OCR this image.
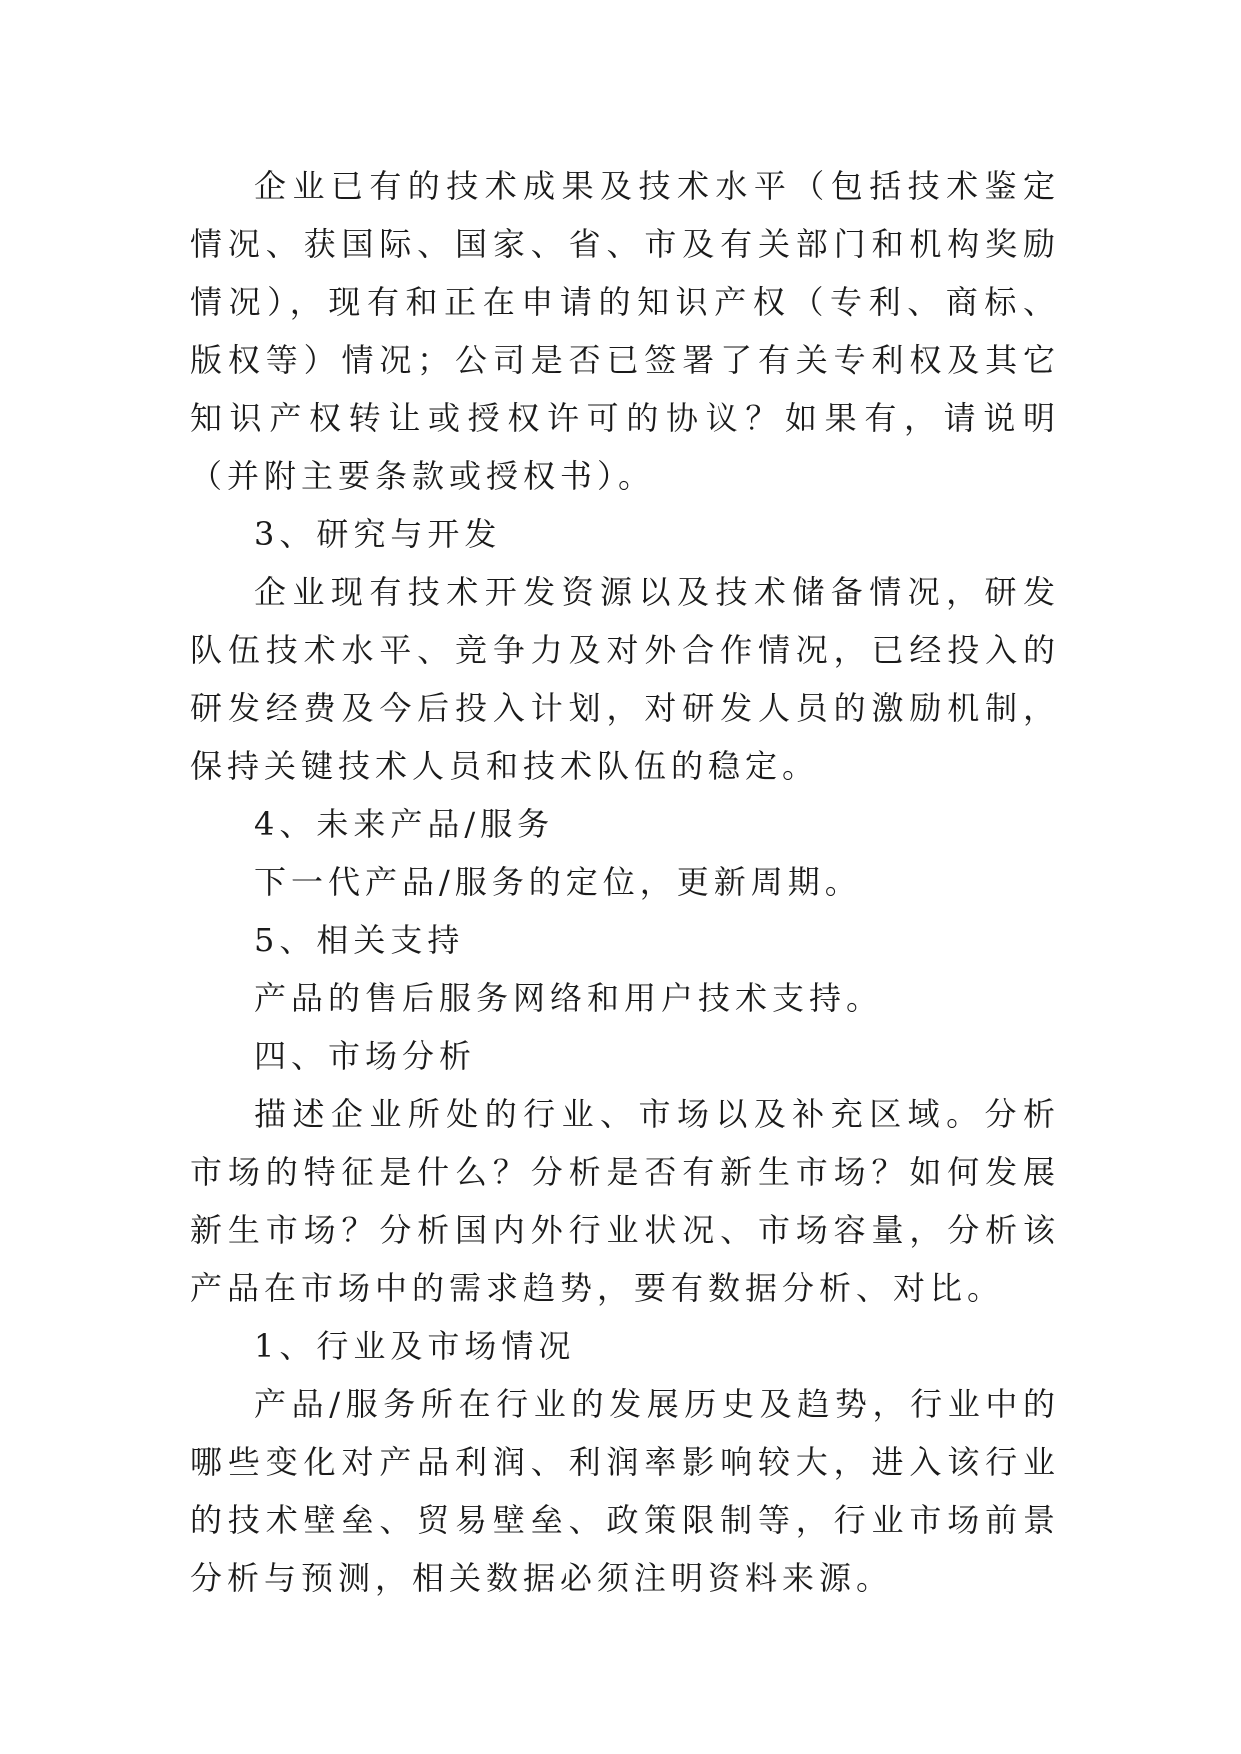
企业已有的技术成果及技术水平（包括技术鉴定情况、获国际、国家、省、市及有关部门和机构奖励情况），现有和正在申请的知识产权（专利、商标、版权等）情况；公司是否已签署了有关专利权及其它知识产权转让或授权许可的协议？如果有，请说明（并附主要条款或授权书）。

3、研究与开发

企业现有技术开发资源以及技术储备情况，研发队伍技术水平、竞争力及对外合作情况，已经投入的研发经费及今后投入计划，对研发人员的激励机制，保持关键技术人员和技术队伍的稳定。

4、未来产品/服务

下一代产品/服务的定位，更新周期。

5、相关支持

产品的售后服务网络和用户技术支持。

四、市场分析

描述企业所处的行业、市场以及补充区域。分析市场的特征是什么？分析是否有新生市场？如何发展新生市场？分析国内外行业状况、市场容量，分析该产品在市场中的需求趋势，要有数据分析、对比。

1、行业及市场情况

产品/服务所在行业的发展历史及趋势，行业中的哪些变化对产品利润、利润率影响较大，进入该行业的技术壁垒、贸易壁垒、政策限制等，行业市场前景分析与预测，相关数据必须注明资料来源。
